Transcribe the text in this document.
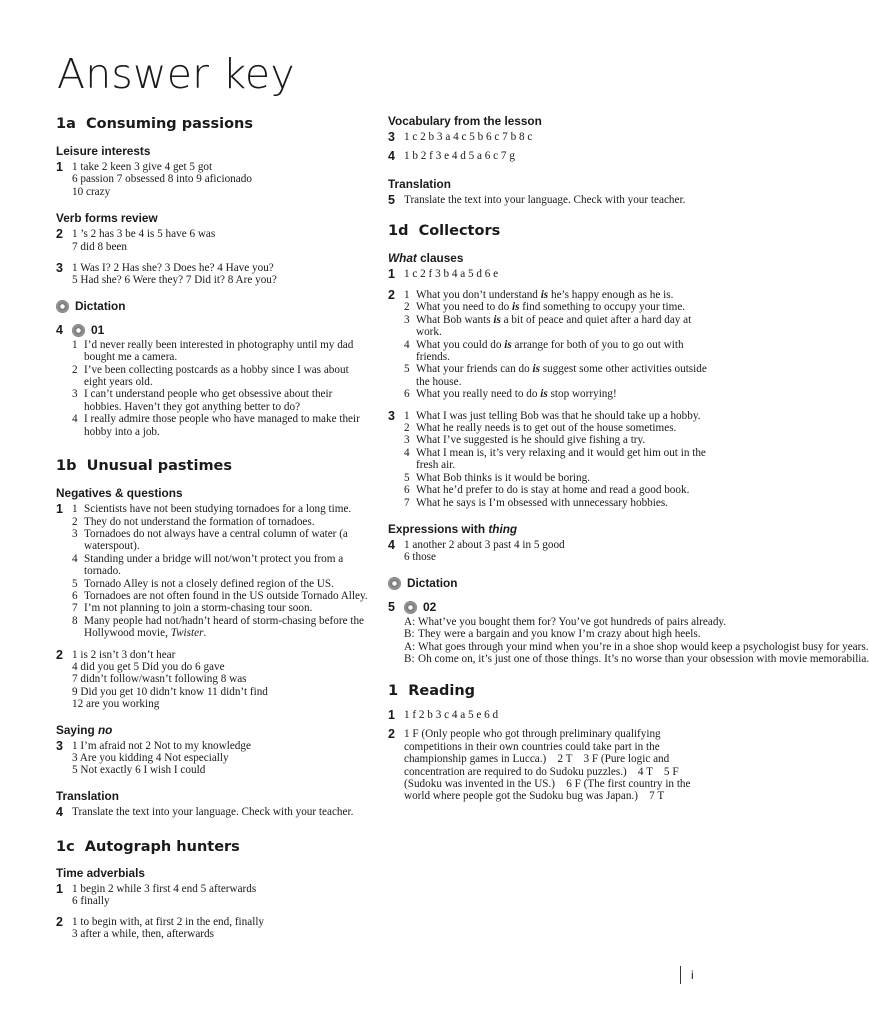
Answer key
1a Consuming passions
Leisure interests
1 1 take 2 keen 3 give 4 get 5 got
6 passion 7 obsessed 8 into 9 aficionado
10 crazy
Verb forms review
2 1 ’s 2 has 3 be 4 is 5 have 6 was
7 did 8 been
3 1 Was I? 2 Has she? 3 Does he? 4 Have you?
5 Had she? 6 Were they? 7 Did it? 8 Are you?
Dictation
4	01
1 I’d never really been interested in photography until my dad bought me a camera.
2 I’ve been collecting postcards as a hobby since I was about eight years old.
3 I can’t understand people who get obsessive about their hobbies. Haven’t they got anything better to do?
4 I really admire those people who have managed to make their hobby into a job.
1b Unusual pastimes
Negatives & questions
1 1 Scientists have not been studying tornadoes for a long time.
2 They do not understand the formation of tornadoes.
3 Tornadoes do not always have a central column of water (a waterspout).
4 Standing under a bridge will not/won’t protect you from a tornado.
5 Tornado Alley is not a closely defined region of the US.
6 Tornadoes are not often found in the US outside Tornado Alley.
7 I’m not planning to join a storm-chasing tour soon.
8 Many people had not/hadn’t heard of storm-chasing before the Hollywood movie, Twister.
2 1 is 2 isn’t 3 don’t hear
4 did you get 5 Did you do 6 gave
7 didn’t follow/wasn’t following 8 was
9 Did you get 10 didn’t know 11 didn’t find
12 are you working
Saying no
3 1 I’m afraid not 2 Not to my knowledge
3 Are you kidding 4 Not especially
5 Not exactly 6 I wish I could
Translation
4 Translate the text into your language. Check with your teacher.
1c Autograph hunters
Time adverbials
1 1 begin 2 while 3 first 4 end 5 afterwards
6 finally
2 1 to begin with, at first 2 in the end, finally
3 after a while, then, afterwards
Vocabulary from the lesson
3 1 c 2 b 3 a 4 c 5 b 6 c 7 b 8 c
4 1 b 2 f 3 e 4 d 5 a 6 c 7 g
Translation
5 Translate the text into your language. Check with your teacher.
1d Collectors
What clauses
1 1 c 2 f 3 b 4 a 5 d 6 e
2 1 What you don’t understand is he’s happy enough as he is.
2 What you need to do is find something to occupy your time.
3 What Bob wants is a bit of peace and quiet after a hard day at work.
4 What you could do is arrange for both of you to go out with friends.
5 What your friends can do is suggest some other activities outside the house.
6 What you really need to do is stop worrying!
3 1 What I was just telling Bob was that he should take up a hobby.
2 What he really needs is to get out of the house sometimes.
3 What I’ve suggested is he should give fishing a try.
4 What I mean is, it’s very relaxing and it would get him out in the fresh air.
5 What Bob thinks is it would be boring.
6 What he’d prefer to do is stay at home and read a good book.
7 What he says is I’m obsessed with unnecessary hobbies.
Expressions with thing
4 1 another 2 about 3 past 4 in 5 good
6 those
Dictation
5	02
A: What’ve you bought them for? You’ve got hundreds of pairs already.
B: They were a bargain and you know I’m crazy about high heels.
A: What goes through your mind when you’re in a shoe shop would keep a psychologist busy for years.
B: Oh come on, it’s just one of those things. It’s no worse than your obsession with movie memorabilia.
1 Reading
1 1 f 2 b 3 c 4 a 5 e 6 d
2 1 F (Only people who got through preliminary qualifying competitions in their own countries could take part in the championship games in Lucca.)    2 T    3 F (Pure logic and concentration are required to do Sudoku puzzles.)    4 T    5 F (Sudoku was invented in the US.)    6 F (The first country in the world where people got the Sudoku bug was Japan.)    7 T
i
